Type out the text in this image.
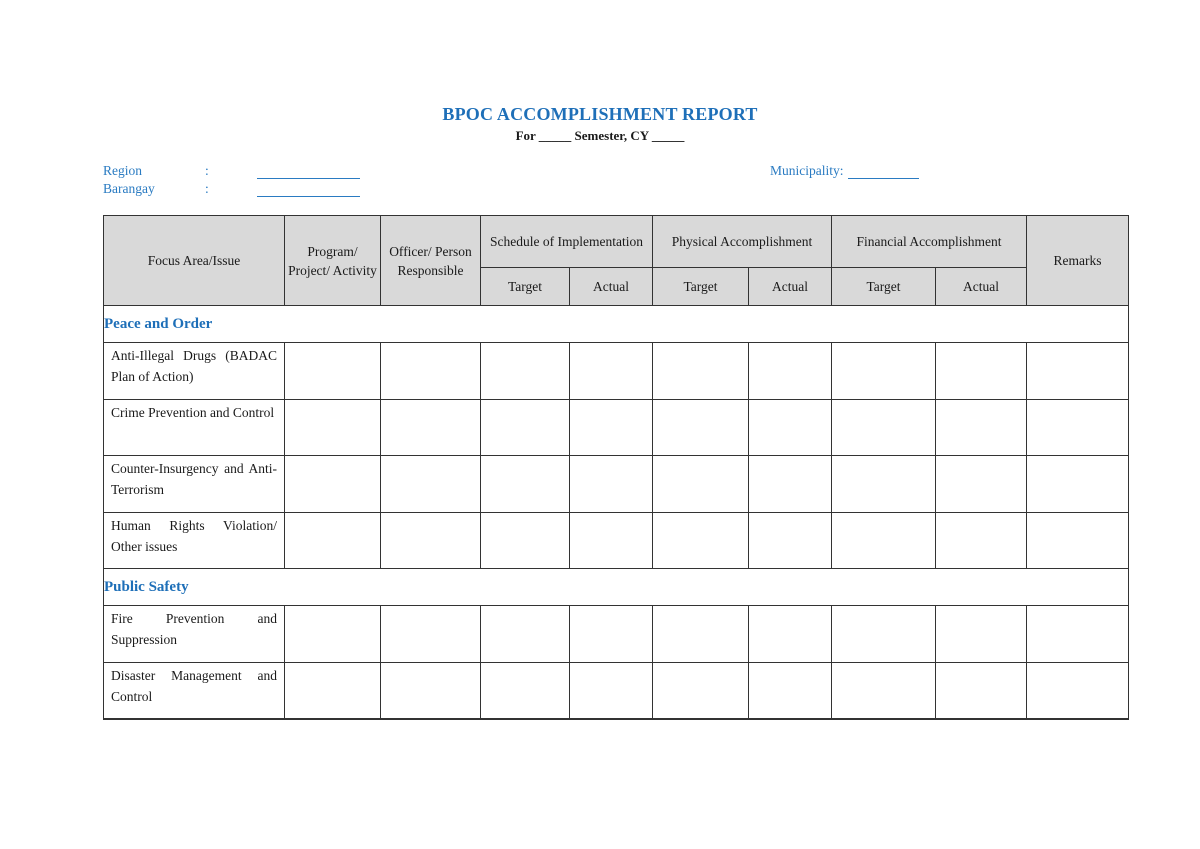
BPOC ACCOMPLISHMENT REPORT
For _____ Semester, CY _____
Region	:
Barangay	:
Municipality:
Focus Area/Issue	Program/ Project/ Activity	Officer/ Person Responsible	Schedule of Implementation		Physical Accomplishment		Financial Accomplishment		Remarks
			Target	Actual	Target	Actual	Target	Actual	
Peace and Order									
Anti-Illegal Drugs (BADAC Plan of Action)									
Crime Prevention and Control									
Counter-Insurgency and Anti-Terrorism									
Human Rights Violation/ Other issues									
Public Safety									
Fire Prevention and Suppression									
Disaster Management and Control									
